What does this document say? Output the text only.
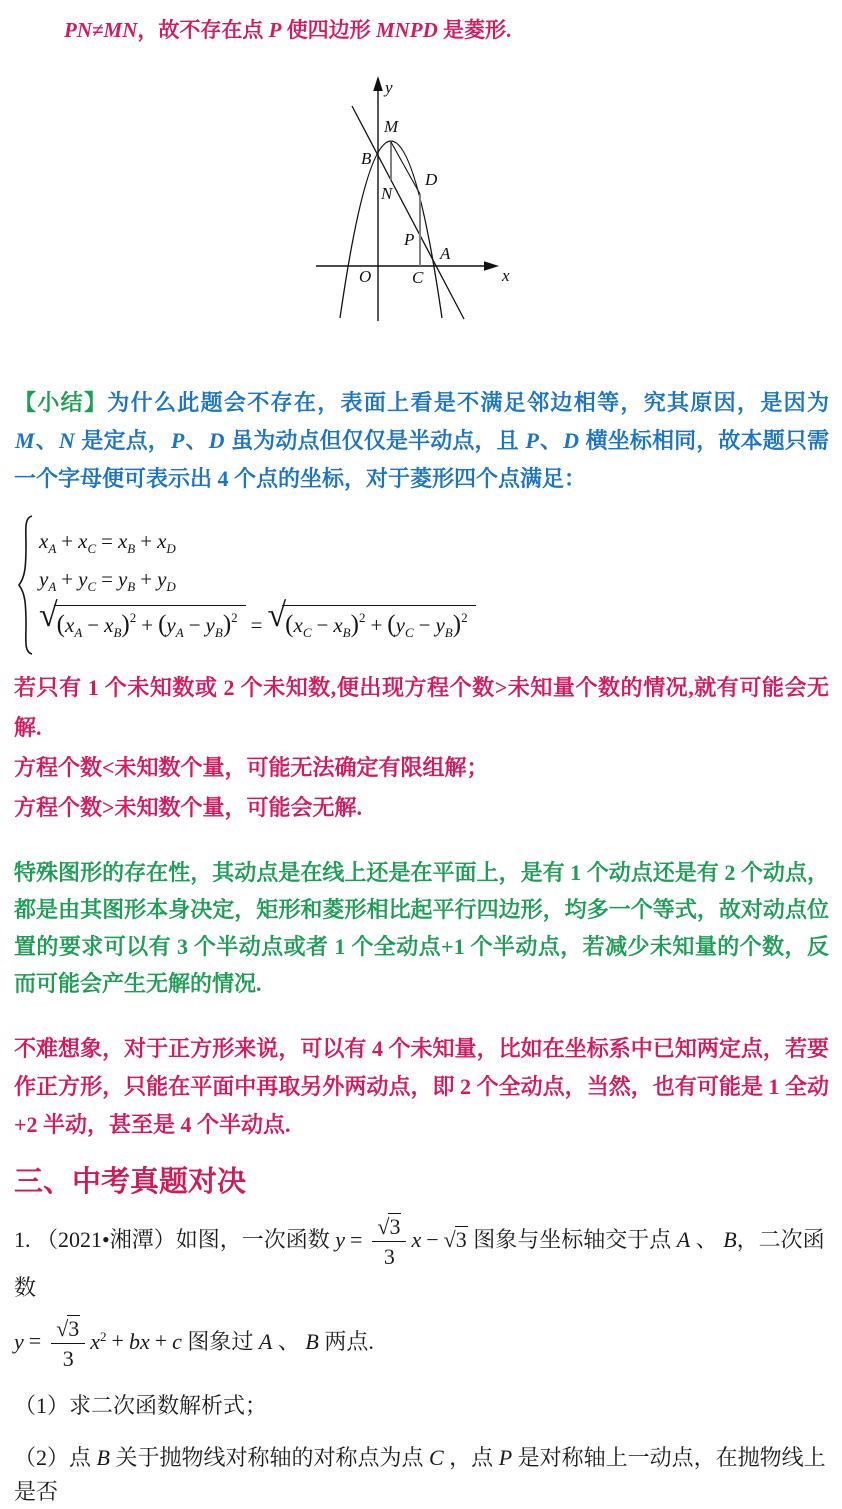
PN≠MN，故不存在点 P 使四边形 MNPD 是菱形.

y
x
O
M
B
N
D
P
A
C

【小结】为什么此题会不存在，表面上看是不满足邻边相等，究其原因，是因为 M、N 是定点，P、D 虽为动点但仅仅是半动点，且 P、D 横坐标相同，故本题只需一个字母便可表示出 4 个点的坐标，对于菱形四个点满足：

$x_A + x_C = x_B + x_D$
$y_A + y_C = y_B + y_D$
√ $(x_A - x_B)^2 + (y_A - y_B)^2$ = √ $(x_C - x_B)^2 + (y_C - y_B)^2$

若只有 1 个未知数或 2 个未知数,便出现方程个数>未知量个数的情况,就有可能会无解.

方程个数<未知数个量，可能无法确定有限组解；

方程个数>未知数个量，可能会无解.

特殊图形的存在性，其动点是在线上还是在平面上，是有 1 个动点还是有 2 个动点，都是由其图形本身决定，矩形和菱形相比起平行四边形，均多一个等式，故对动点位置的要求可以有 3 个半动点或者 1 个全动点+1 个半动点，若减少未知量的个数，反而可能会产生无解的情况.

不难想象，对于正方形来说，可以有 4 个未知量，比如在坐标系中已知两定点，若要作正方形，只能在平面中再取另外两动点，即 2 个全动点，当然，也有可能是 1 全动+2 半动，甚至是 4 个半动点.

三、中考真题对决

1. （2021•湘潭）如图，一次函数 $y = \frac{√3}{3}$ x − √3 图象与坐标轴交于点 A 、 B，二次函数

$y = \frac{√3}{3} x^2$ + bx + c 图象过 A 、 B 两点.

（1）求二次函数解析式；

（2）点 B 关于抛物线对称轴的对称点为点 C ，点 P 是对称轴上一动点，在抛物线上是否
